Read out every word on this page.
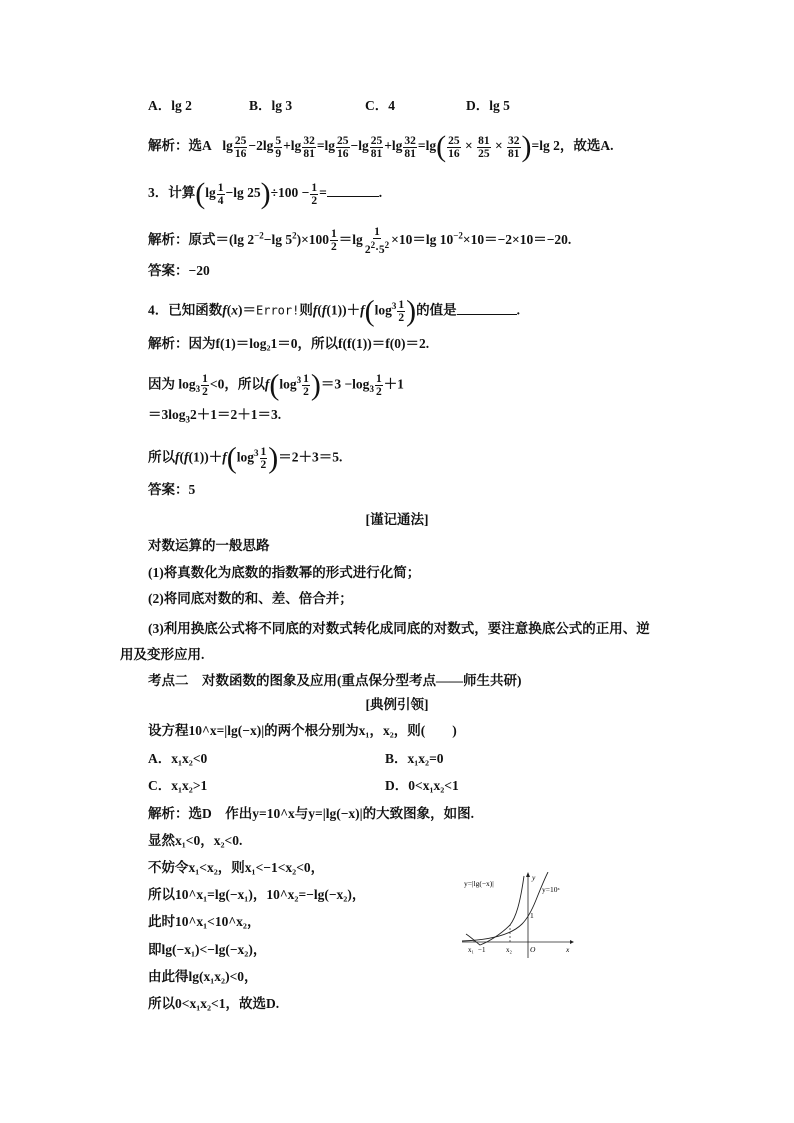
A．lg 2	B．lg 3	C．4	D．lg 5
解析：选A $\lg \frac{25}{16} -2\lg \frac{5}{9} +\lg \frac{32}{81} =\lg \frac{25}{16} -\lg \frac{25}{81} +\lg \frac{32}{81} =\lg( \frac{25}{16} \times \frac{81}{25} \times \frac{32}{81} )=\lg$ 2，故选A.
3．计算($\lg \frac{1}{4} -\lg$ $25)\div 100 - \frac{1}{2}$ =	.
解析：原式＝(lg $2^{-2}-\lg$ $5^2)\times 100 \frac{1}{2} =\lg \frac{1}{2^2\cdot 5^2} \times 10=\lg$ $10^{-2}\times 10=-2\times 10=-20$.
答案：−20
4．已知函数f(x)＝Error!则$f(f(1))+f(\log^3 \frac{1}{2}$ )的值是	.
解析：因为f(1)＝log₂1＝0，所以f(f(1))＝f(0)＝2.
因为 $\log_3 \frac{1}{2} <0$，所以$f(\log^3 \frac{1}{2} )=3 -\log_3 \frac{1}{2} +1$
$=3\log_32+1=2+1=3$.
所以$f(f(1))+f(\log^3 \frac{1}{2} )=2+3=5$.
答案：5
[谨记通法]
对数运算的一般思路
(1)将真数化为底数的指数幂的形式进行化简；
(2)将同底对数的和、差、倍合并；
(3)利用换底公式将不同底的对数式转化成同底的对数式，要注意换底公式的正用、逆
用及变形应用.
考点二　对数函数的图象及应用(重点保分型考点——师生共研)
[典例引领]
设方程10^x=|lg(−x)|的两个根分别为x₁，x₂，则(　　)
A．x₁x₂<0	B．x₁x₂=0
C．x₁x₂>1	D．0<x₁x₂<1
解析：选D　作出y=10^x与y=|lg(−x)|的大致图象，如图.
显然x₁<0，x₂<0.
不妨令x₁<x₂，则x₁<−1<x₂<0，
所以10^x₁=lg(−x₁)，10^x₂=−lg(−x₂)，
此时10^x₁<10^x₂，
即lg(−x₁)<−lg(−x₂)，
由此得lg(x₁x₂)<0，
所以0<x₁x₂<1，故选D.
y=|lg(−x)|
y=10ˣ
y
x
O
1
x₁ −1	x₂
